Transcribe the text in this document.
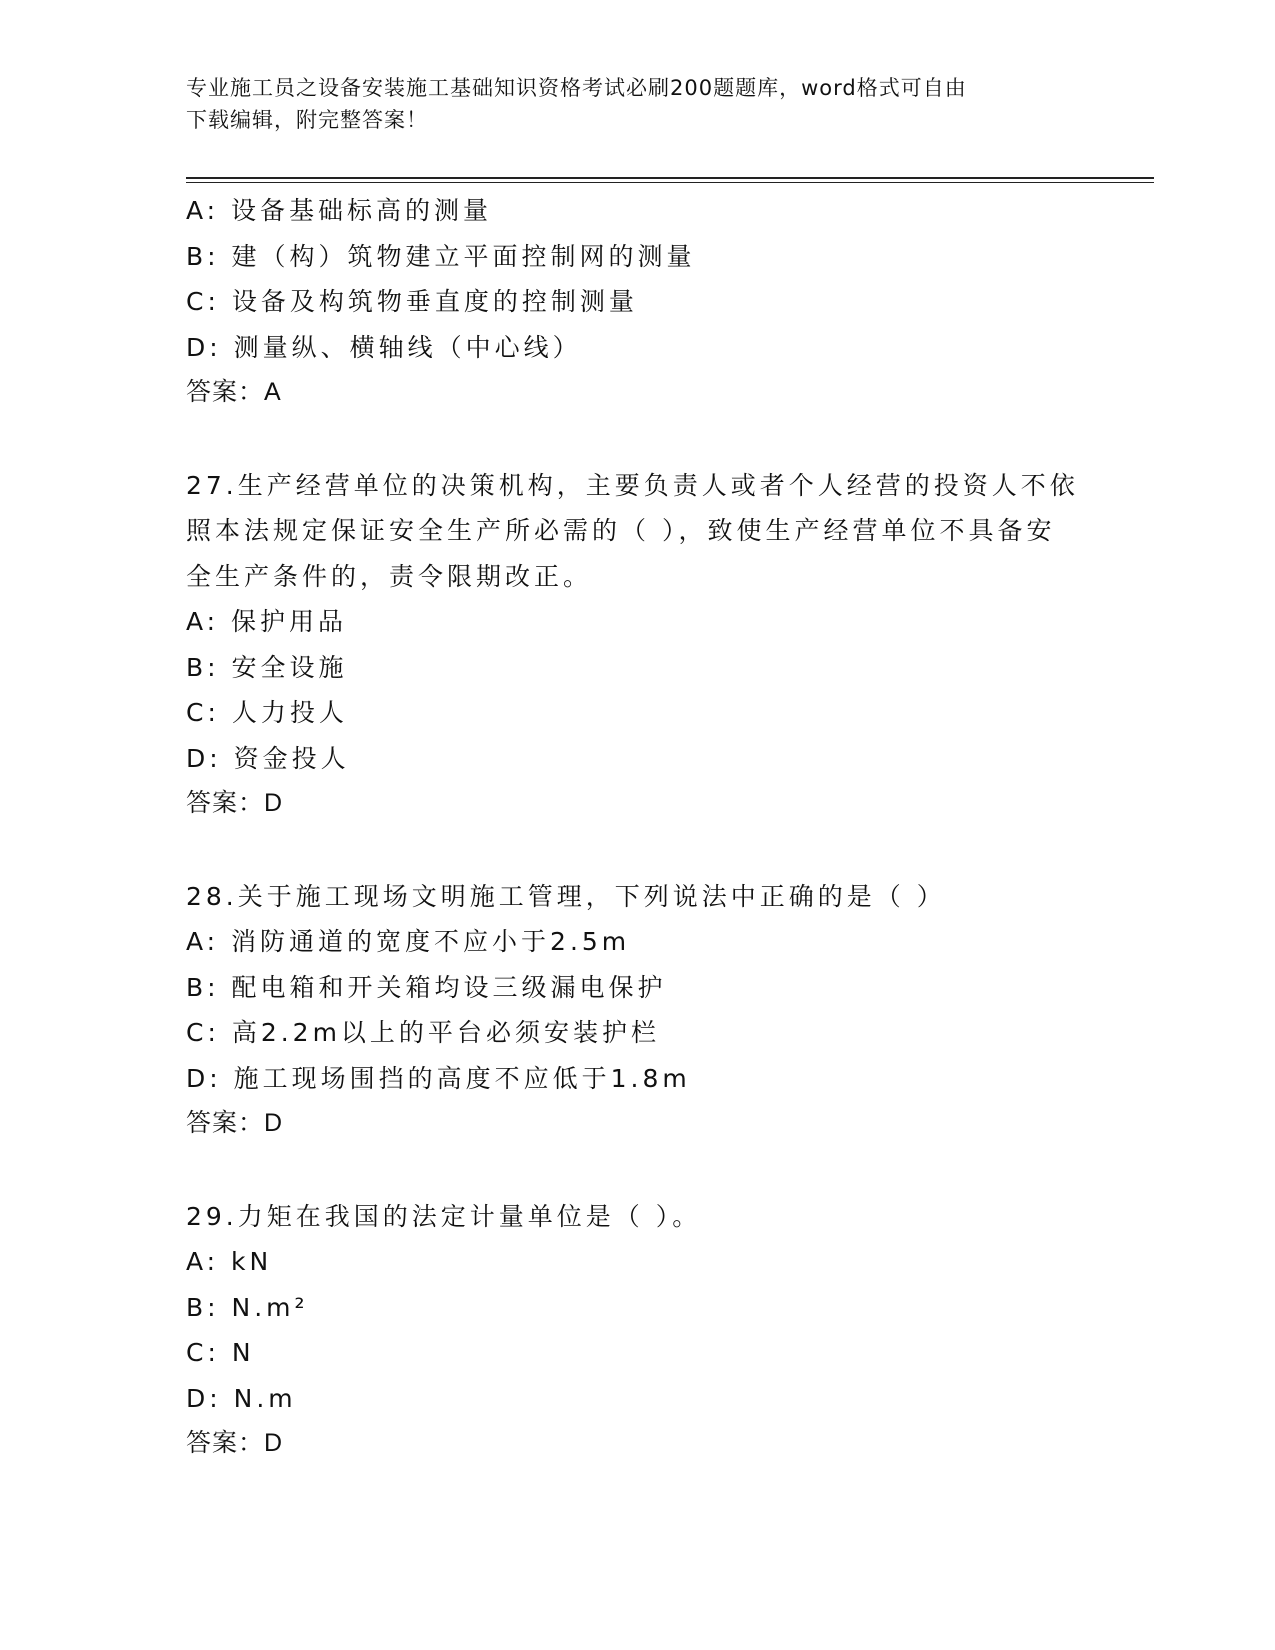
专业施工员之设备安装施工基础知识资格考试必刷200题题库，word格式可自由
下载编辑，附完整答案！
A: 设备基础标高的测量
B: 建（构）筑物建立平面控制网的测量
C: 设备及构筑物垂直度的控制测量
D: 测量纵、横轴线（中心线）
答案：A
27.生产经营单位的决策机构，主要负责人或者个人经营的投资人不依
照本法规定保证安全生产所必需的（ ），致使生产经营单位不具备安
全生产条件的，责令限期改正。
A: 保护用品
B: 安全设施
C: 人力投人
D: 资金投人
答案：D
28.关于施工现场文明施工管理，下列说法中正确的是（ ）
A: 消防通道的宽度不应小于2.5m
B: 配电箱和开关箱均设三级漏电保护
C: 高2.2m以上的平台必须安装护栏
D: 施工现场围挡的高度不应低于1.8m
答案：D
29.力矩在我国的法定计量单位是（ ）。
A: kN
B: N.m²
C: N
D: N.m
答案：D
